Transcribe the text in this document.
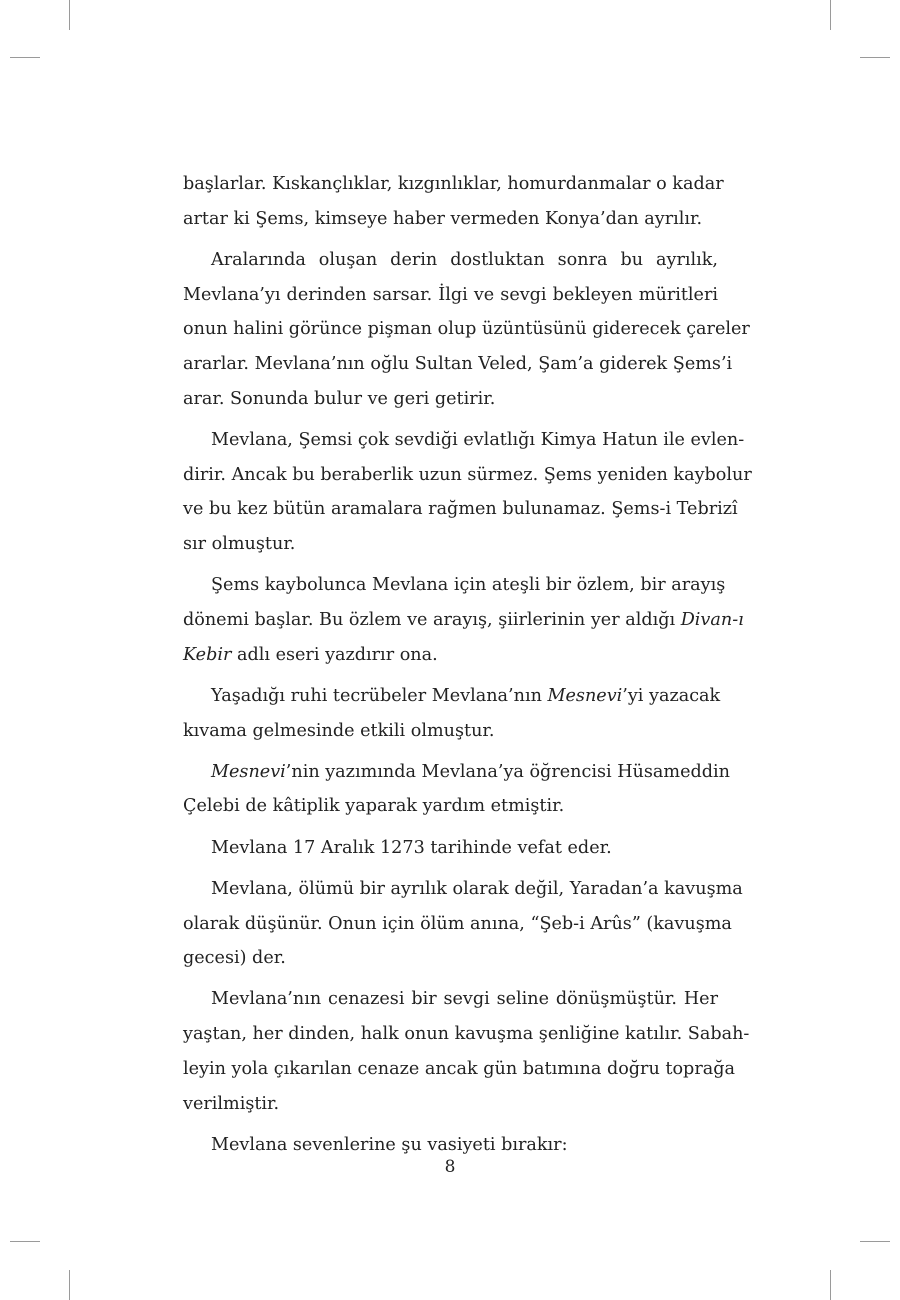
başlarlar. Kıskançlıklar, kızgınlıklar, homurdanmalar o kadar
artar ki Şems, kimseye haber vermeden Konya’dan ayrılır.

Aralarında oluşan derin dostluktan sonra bu ayrılık,
Mevlana’yı derinden sarsar. İlgi ve sevgi bekleyen müritleri
onun halini görünce pişman olup üzüntüsünü giderecek çareler
ararlar. Mevlana’nın oğlu Sultan Veled, Şam’a giderek Şems’i
arar. Sonunda bulur ve geri getirir.

Mevlana, Şemsi çok sevdiği evlatlığı Kimya Hatun ile evlen-
dirir. Ancak bu beraberlik uzun sürmez. Şems yeniden kaybolur
ve bu kez bütün aramalara rağmen bulunamaz. Şems-i Tebrizî
sır olmuştur.

Şems kaybolunca Mevlana için ateşli bir özlem, bir arayış
dönemi başlar. Bu özlem ve arayış, şiirlerinin yer aldığı Divan-ı
Kebir adlı eseri yazdırır ona.

Yaşadığı ruhi tecrübeler Mevlana’nın Mesnevi’yi yazacak
kıvama gelmesinde etkili olmuştur.

Mesnevi’nin yazımında Mevlana’ya öğrencisi Hüsameddin
Çelebi de kâtiplik yaparak yardım etmiştir.

Mevlana 17 Aralık 1273 tarihinde vefat eder.

Mevlana, ölümü bir ayrılık olarak değil, Yaradan’a kavuşma
olarak düşünür. Onun için ölüm anına, “Şeb-i Arûs” (kavuşma
gecesi) der.

Mevlana’nın cenazesi bir sevgi seline dönüşmüştür. Her
yaştan, her dinden, halk onun kavuşma şenliğine katılır. Sabah-
leyin yola çıkarılan cenaze ancak gün batımına doğru toprağa
verilmiştir.

Mevlana sevenlerine şu vasiyeti bırakır:

8
